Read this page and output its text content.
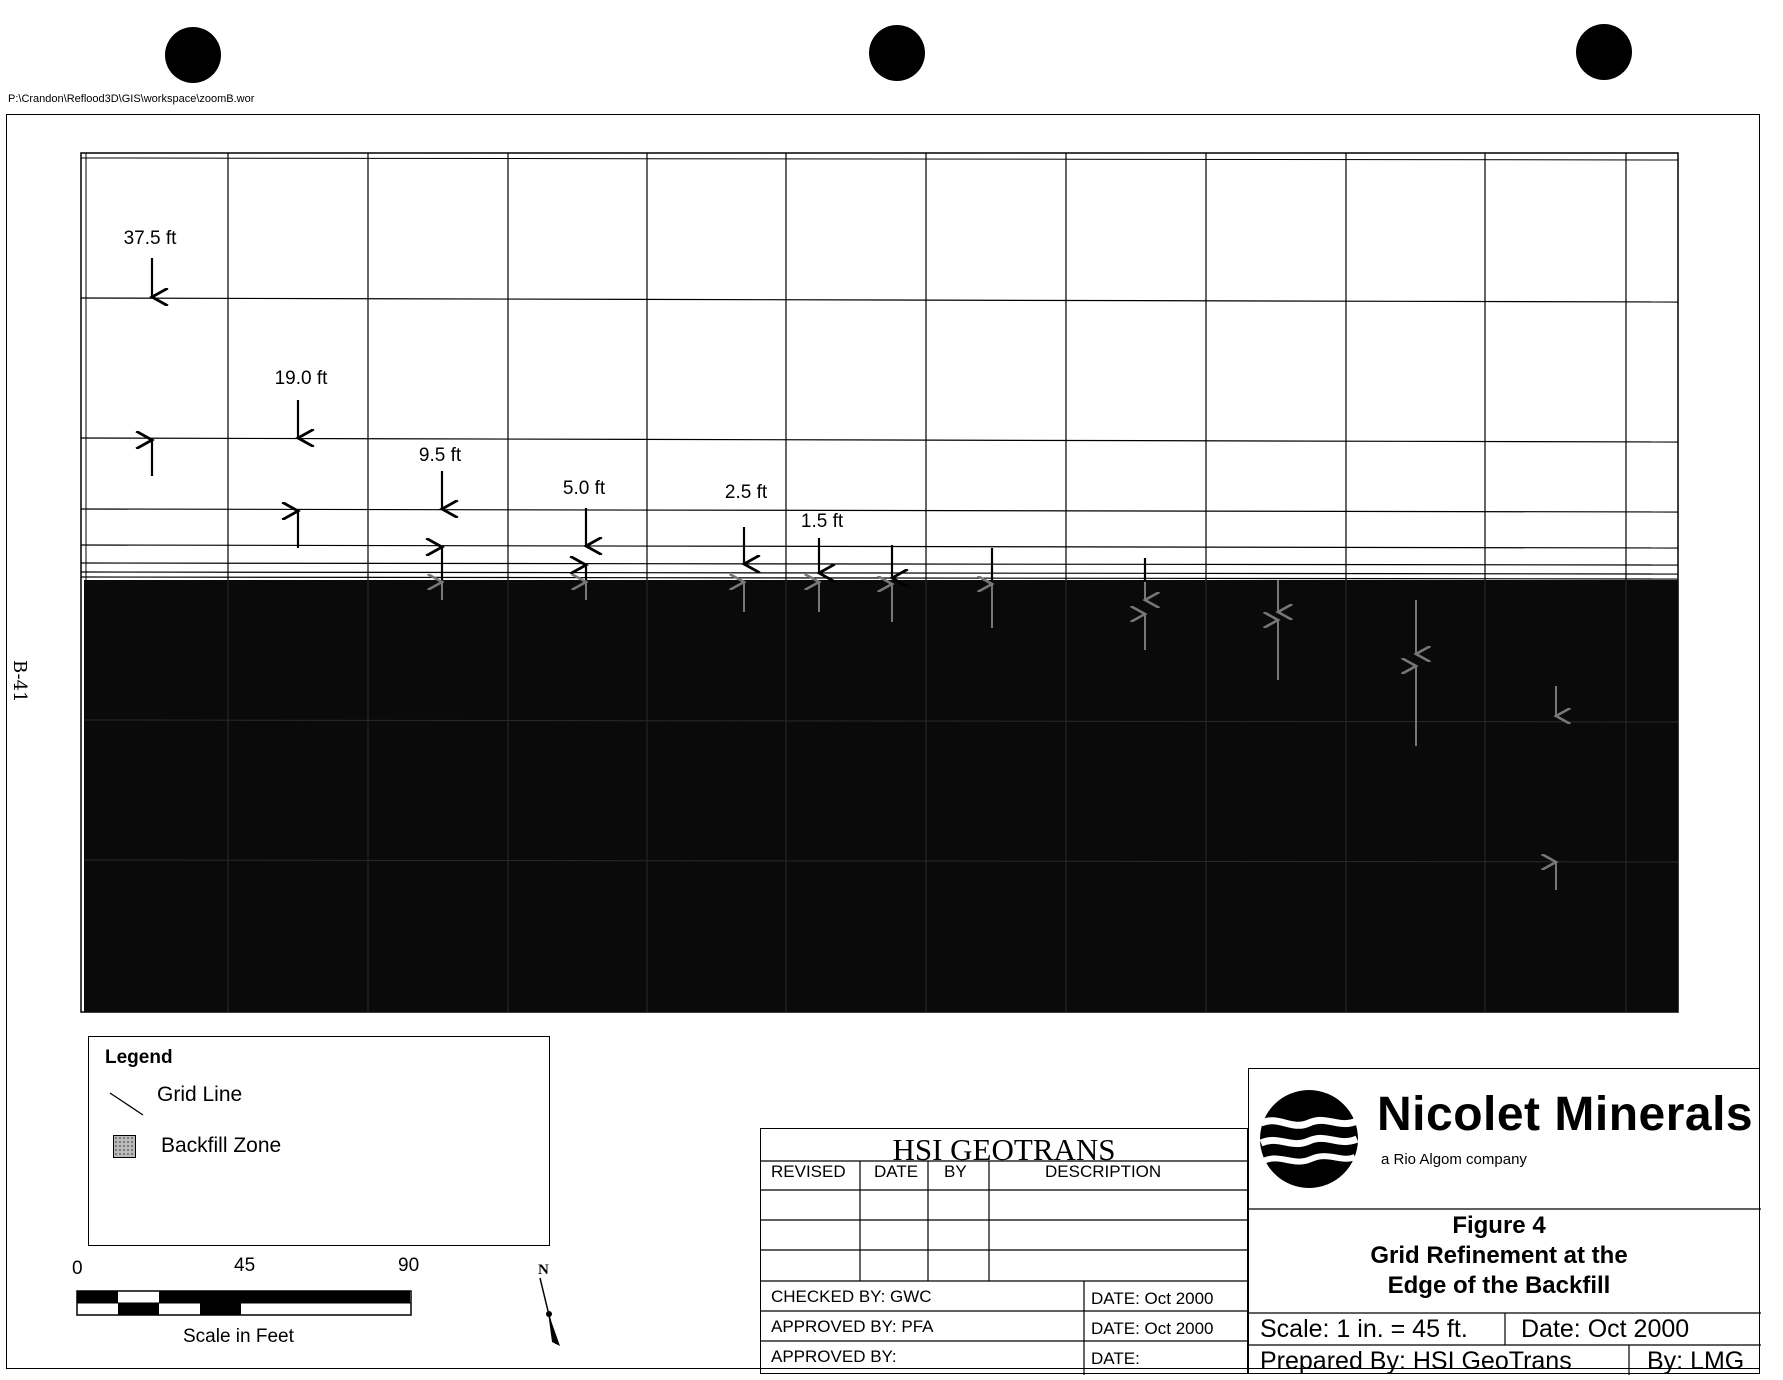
P:\Crandon\Reflood3D\GIS\workspace\zoomB.wor
B-41
37.5 ft
19.0 ft
9.5 ft
5.0 ft	2.5 ft
1.5 ft
Legend
Grid Line
Backfill Zone
0	45	90
Scale in Feet
N
HSI GEOTRANS
REVISED DATE BY	DESCRIPTION
CHECKED BY: GWC	DATE: Oct 2000
APPROVED BY: PFA	DATE: Oct 2000
APPROVED BY:	DATE:
Nicolet Minerals
a Rio Algom company
Figure 4
Grid Refinement at the
Edge of the Backfill
Scale: 1 in. = 45 ft. Date: Oct 2000
Prepared By: HSI GeoTrans	By: LMG
